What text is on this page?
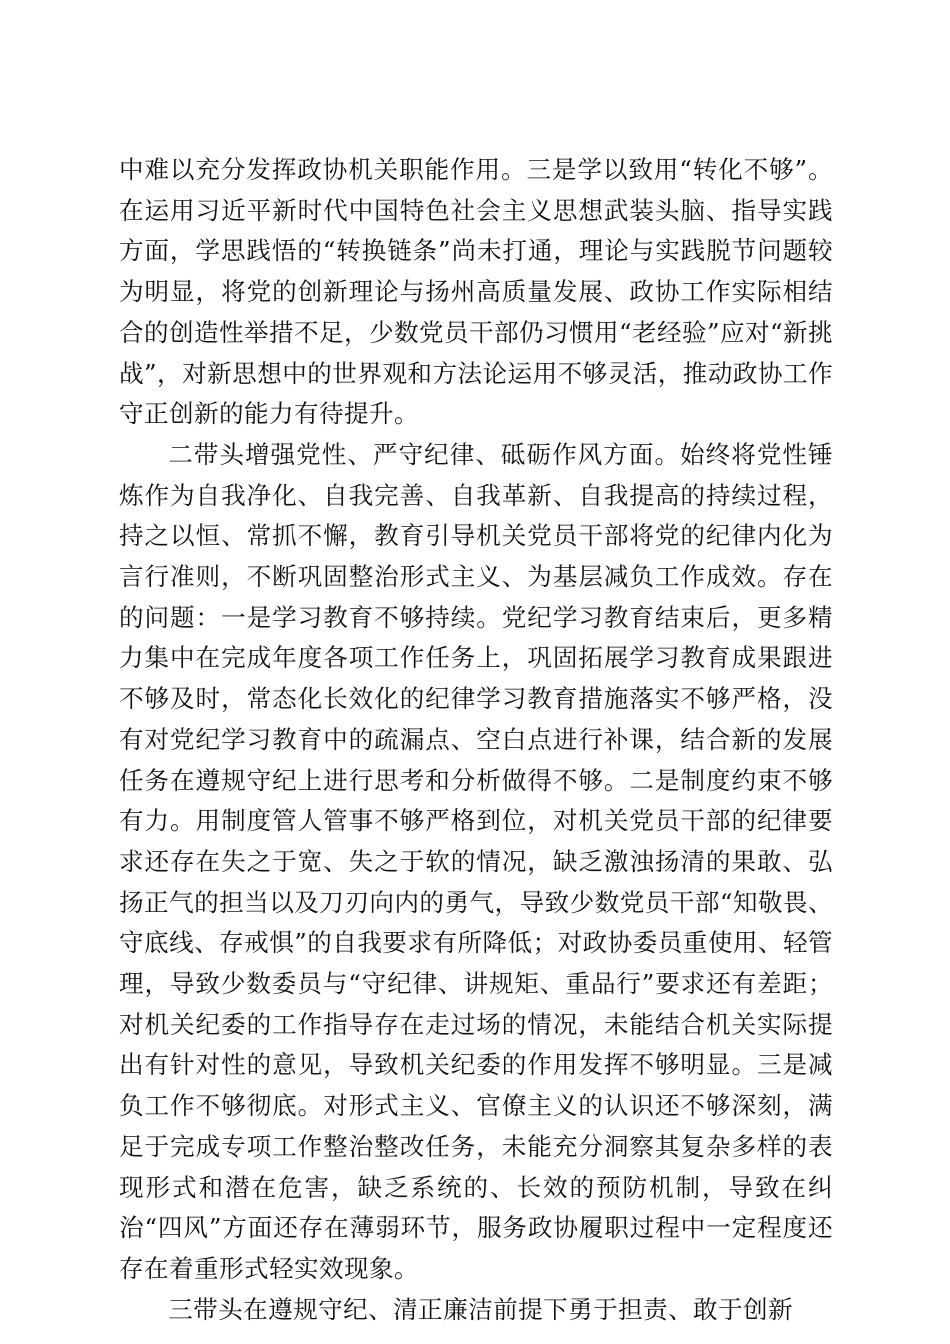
中难以充分发挥政协机关职能作用。三是学以致用“转化不够”。在运用习近平新时代中国特色社会主义思想武装头脑、指导实践方面，学思践悟的“转换链条”尚未打通，理论与实践脱节问题较为明显，将党的创新理论与扬州高质量发展、政协工作实际相结合的创造性举措不足，少数党员干部仍习惯用“老经验”应对“新挑战”，对新思想中的世界观和方法论运用不够灵活，推动政协工作守正创新的能力有待提升。

二带头增强党性、严守纪律、砥砺作风方面。始终将党性锤炼作为自我净化、自我完善、自我革新、自我提高的持续过程，持之以恒、常抓不懈，教育引导机关党员干部将党的纪律内化为言行准则，不断巩固整治形式主义、为基层减负工作成效。存在的问题：一是学习教育不够持续。党纪学习教育结束后，更多精力集中在完成年度各项工作任务上，巩固拓展学习教育成果跟进不够及时，常态化长效化的纪律学习教育措施落实不够严格，没有对党纪学习教育中的疏漏点、空白点进行补课，结合新的发展任务在遵规守纪上进行思考和分析做得不够。二是制度约束不够有力。用制度管人管事不够严格到位，对机关党员干部的纪律要求还存在失之于宽、失之于软的情况，缺乏激浊扬清的果敢、弘扬正气的担当以及刀刃向内的勇气，导致少数党员干部“知敬畏、守底线、存戒惧”的自我要求有所降低；对政协委员重使用、轻管理，导致少数委员与“守纪律、讲规矩、重品行”要求还有差距；对机关纪委的工作指导存在走过场的情况，未能结合机关实际提出有针对性的意见，导致机关纪委的作用发挥不够明显。三是减负工作不够彻底。对形式主义、官僚主义的认识还不够深刻，满足于完成专项工作整治整改任务，未能充分洞察其复杂多样的表现形式和潜在危害，缺乏系统的、长效的预防机制，导致在纠治“四风”方面还存在薄弱环节，服务政协履职过程中一定程度还存在着重形式轻实效现象。

三带头在遵规守纪、清正廉洁前提下勇于担责、敢于创新
